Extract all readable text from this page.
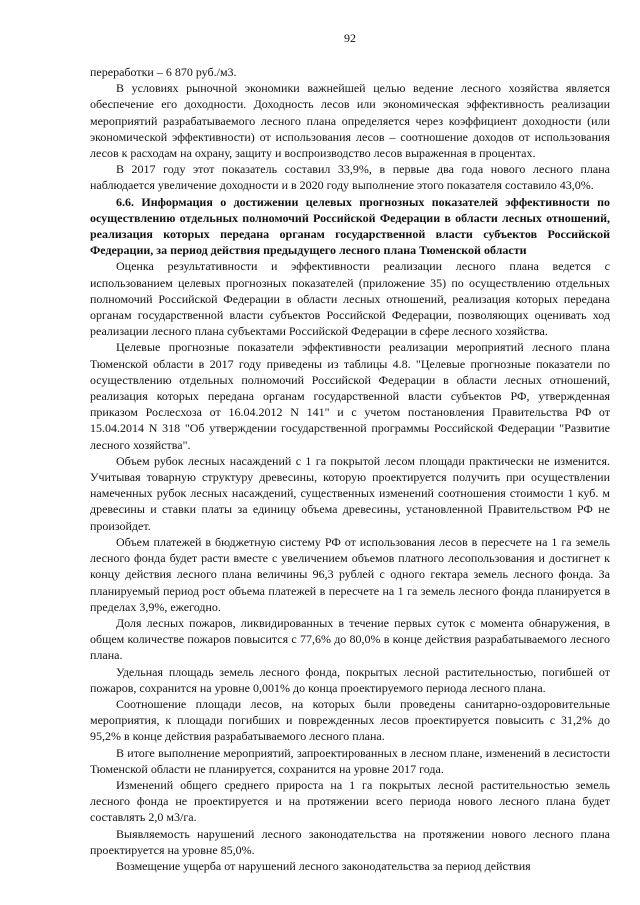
92

переработки – 6 870 руб./м3.

В условиях рыночной экономики важнейшей целью ведение лесного хозяйства является обеспечение его доходности. Доходность лесов или экономическая эффективность реализации мероприятий разрабатываемого лесного плана определяется через коэффициент доходности (или экономической эффективности) от использования лесов – соотношение доходов от использования лесов к расходам на охрану, защиту и воспроизводство лесов выраженная в процентах.

В 2017 году этот показатель составил 33,9%, в первые два года нового лесного плана наблюдается увеличение доходности и в 2020 году выполнение этого показателя составило 43,0%.

6.6. Информация о достижении целевых прогнозных показателей эффективности по осуществлению отдельных полномочий Российской Федерации в области лесных отношений, реализация которых передана органам государственной власти субъектов Российской Федерации, за период действия предыдущего лесного плана Тюменской области

Оценка результативности и эффективности реализации лесного плана ведется с использованием целевых прогнозных показателей (приложение 35) по осуществлению отдельных полномочий Российской Федерации в области лесных отношений, реализация которых передана органам государственной власти субъектов Российской Федерации, позволяющих оценивать ход реализации лесного плана субъектами Российской Федерации в сфере лесного хозяйства.

Целевые прогнозные показатели эффективности реализации мероприятий лесного плана Тюменской области в 2017 году приведены из таблицы 4.8. "Целевые прогнозные показатели по осуществлению отдельных полномочий Российской Федерации в области лесных отношений, реализация которых передана органам государственной власти субъектов РФ, утвержденная приказом Рослесхоза от 16.04.2012 N 141" и с учетом постановления Правительства РФ от 15.04.2014 N 318 "Об утверждении государственной программы Российской Федерации "Развитие лесного хозяйства".

Объем рубок лесных насаждений с 1 га покрытой лесом площади практически не изменится. Учитывая товарную структуру древесины, которую проектируется получить при осуществлении намеченных рубок лесных насаждений, существенных изменений соотношения стоимости 1 куб. м древесины и ставки платы за единицу объема древесины, установленной Правительством РФ не произойдет.

Объем платежей в бюджетную систему РФ от использования лесов в пересчете на 1 га земель лесного фонда будет расти вместе с увеличением объемов платного лесопользования и достигнет к концу действия лесного плана величины 96,3 рублей с одного гектара земель лесного фонда. За планируемый период рост объема платежей в пересчете на 1 га земель лесного фонда планируется в пределах 3,9%, ежегодно.

Доля лесных пожаров, ликвидированных в течение первых суток с момента обнаружения, в общем количестве пожаров повысится с 77,6% до 80,0% в конце действия разрабатываемого лесного плана.

Удельная площадь земель лесного фонда, покрытых лесной растительностью, погибшей от пожаров, сохранится на уровне 0,001% до конца проектируемого периода лесного плана.

Соотношение площади лесов, на которых были проведены санитарно-оздоровительные мероприятия, к площади погибших и поврежденных лесов проектируется повысить с 31,2% до 95,2% в конце действия разрабатываемого лесного плана.

В итоге выполнение мероприятий, запроектированных в лесном плане, изменений в лесистости Тюменской области не планируется, сохранится на уровне 2017 года.

Изменений общего среднего прироста на 1 га покрытых лесной растительностью земель лесного фонда не проектируется и на протяжении всего периода нового лесного плана будет составлять 2,0 м3/га.

Выявляемость нарушений лесного законодательства на протяжении нового лесного плана проектируется на уровне 85,0%.

Возмещение ущерба от нарушений лесного законодательства за период действия
